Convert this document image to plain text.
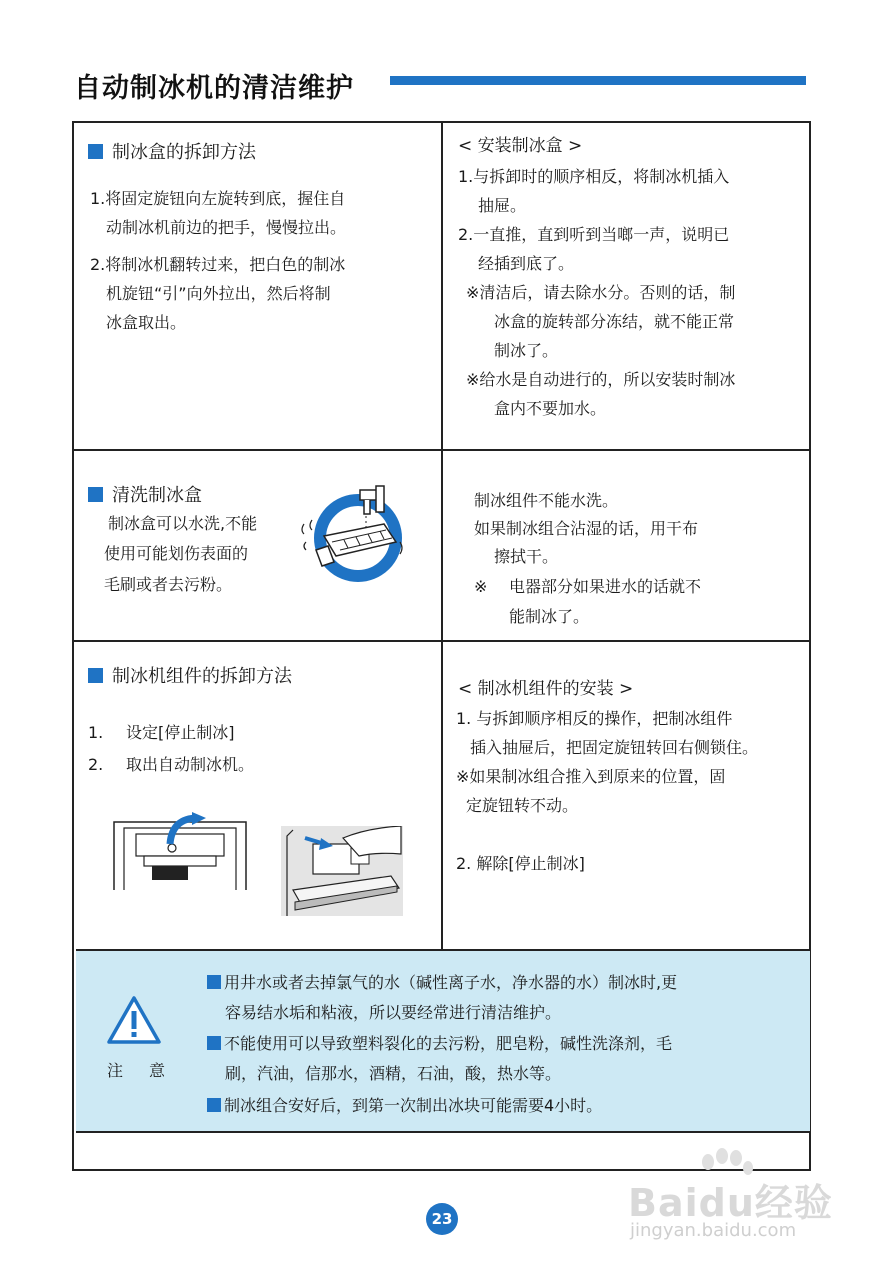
自动制冰机的清洁维护
制冰盒的拆卸方法
1.将固定旋钮向左旋转到底，握住自
动制冰机前边的把手，慢慢拉出。
2.将制冰机翻转过来，把白色的制冰
机旋钮“引”向外拉出，然后将制
冰盒取出。
< 安装制冰盒 >
1.与拆卸时的顺序相反，将制冰机插入
抽屉。
2.一直推，直到听到当啷一声，说明已
经插到底了。
※清洁后，请去除水分。否则的话，制
冰盒的旋转部分冻结，就不能正常
制冰了。
※给水是自动进行的，所以安装时制冰
盒内不要加水。
清洗制冰盒
制冰盒可以水洗,不能
使用可能划伤表面的
毛刷或者去污粉。
制冰组件不能水洗。
如果制冰组合沾湿的话，用干布
擦拭干。
※ 电器部分如果进水的话就不
能制冰了。
制冰机组件的拆卸方法
1. 设定[停止制冰]
2. 取出自动制冰机。
< 制冰机组件的安装 >
1. 与拆卸顺序相反的操作，把制冰组件
插入抽屉后，把固定旋钮转回右侧锁住。
※如果制冰组合推入到原来的位置，固
定旋钮转不动。
2. 解除[停止制冰]
注意
用井水或者去掉氯气的水（碱性离子水，净水器的水）制冰时,更
容易结水垢和粘液，所以要经常进行清洁维护。
不能使用可以导致塑料裂化的去污粉，肥皂粉，碱性洗涤剂，毛
刷，汽油，信那水，酒精，石油，酸，热水等。
制冰组合安好后，到第一次制出冰块可能需要4小时。
23	Baidu经验
jingyan.baidu.com
